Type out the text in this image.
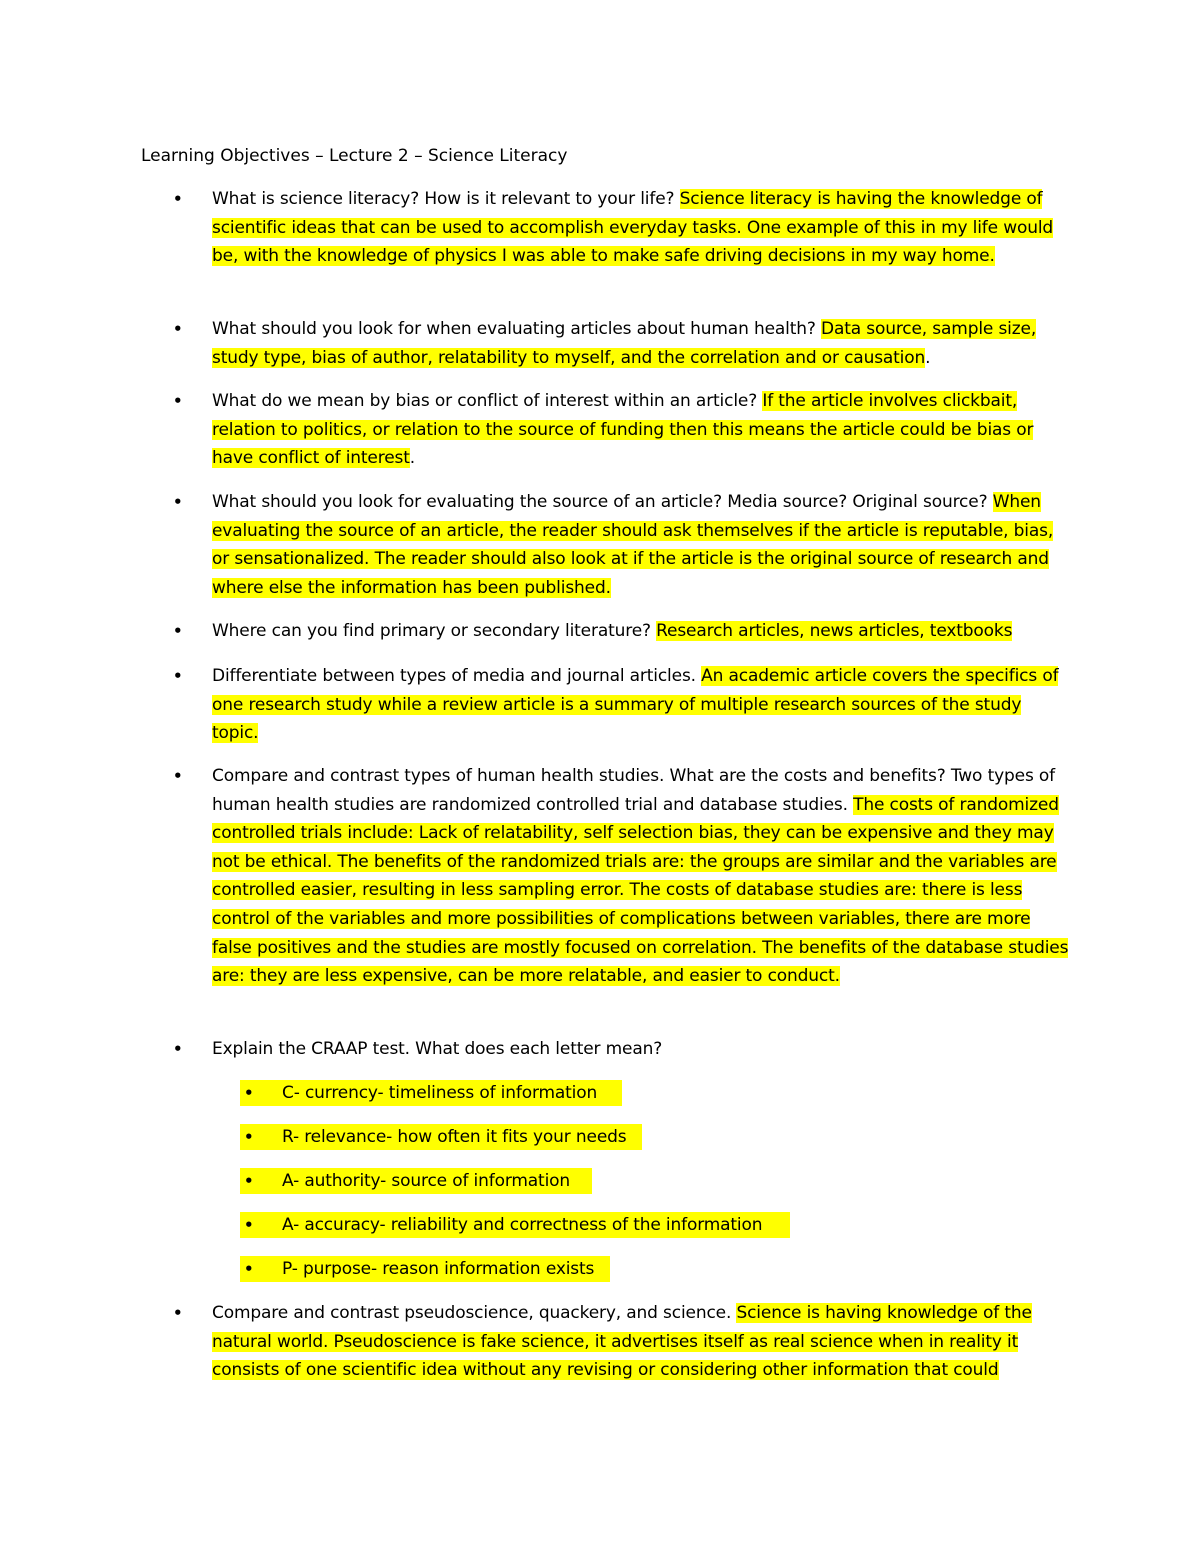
Learning Objectives – Lecture 2 – Science Literacy
• What is science literacy? How is it relevant to your life? Science literacy is having the knowledge of scientific ideas that can be used to accomplish everyday tasks. One example of this in my life would be, with the knowledge of physics I was able to make safe driving decisions in my way home.
• What should you look for when evaluating articles about human health? Data source, sample size, study type, bias of author, relatability to myself, and the correlation and or causation.
• What do we mean by bias or conflict of interest within an article? If the article involves clickbait, relation to politics, or relation to the source of funding then this means the article could be bias or have conflict of interest.
• What should you look for evaluating the source of an article? Media source? Original source? When evaluating the source of an article, the reader should ask themselves if the article is reputable, bias, or sensationalized. The reader should also look at if the article is the original source of research and where else the information has been published.
• Where can you find primary or secondary literature? Research articles, news articles, textbooks
• Differentiate between types of media and journal articles. An academic article covers the specifics of one research study while a review article is a summary of multiple research sources of the study topic.
• Compare and contrast types of human health studies. What are the costs and benefits? Two types of human health studies are randomized controlled trial and database studies. The costs of randomized controlled trials include: Lack of relatability, self selection bias, they can be expensive and they may not be ethical. The benefits of the randomized trials are: the groups are similar and the variables are controlled easier, resulting in less sampling error. The costs of database studies are: there is less control of the variables and more possibilities of complications between variables, there are more false positives and the studies are mostly focused on correlation. The benefits of the database studies are: they are less expensive, can be more relatable, and easier to conduct.
• Explain the CRAAP test. What does each letter mean?
• C- currency- timeliness of information
• R- relevance- how often it fits your needs
• A- authority- source of information
• A- accuracy- reliability and correctness of the information
• P- purpose- reason information exists
• Compare and contrast pseudoscience, quackery, and science. Science is having knowledge of the natural world. Pseudoscience is fake science, it advertises itself as real science when in reality it consists of one scientific idea without any revising or considering other information that could
